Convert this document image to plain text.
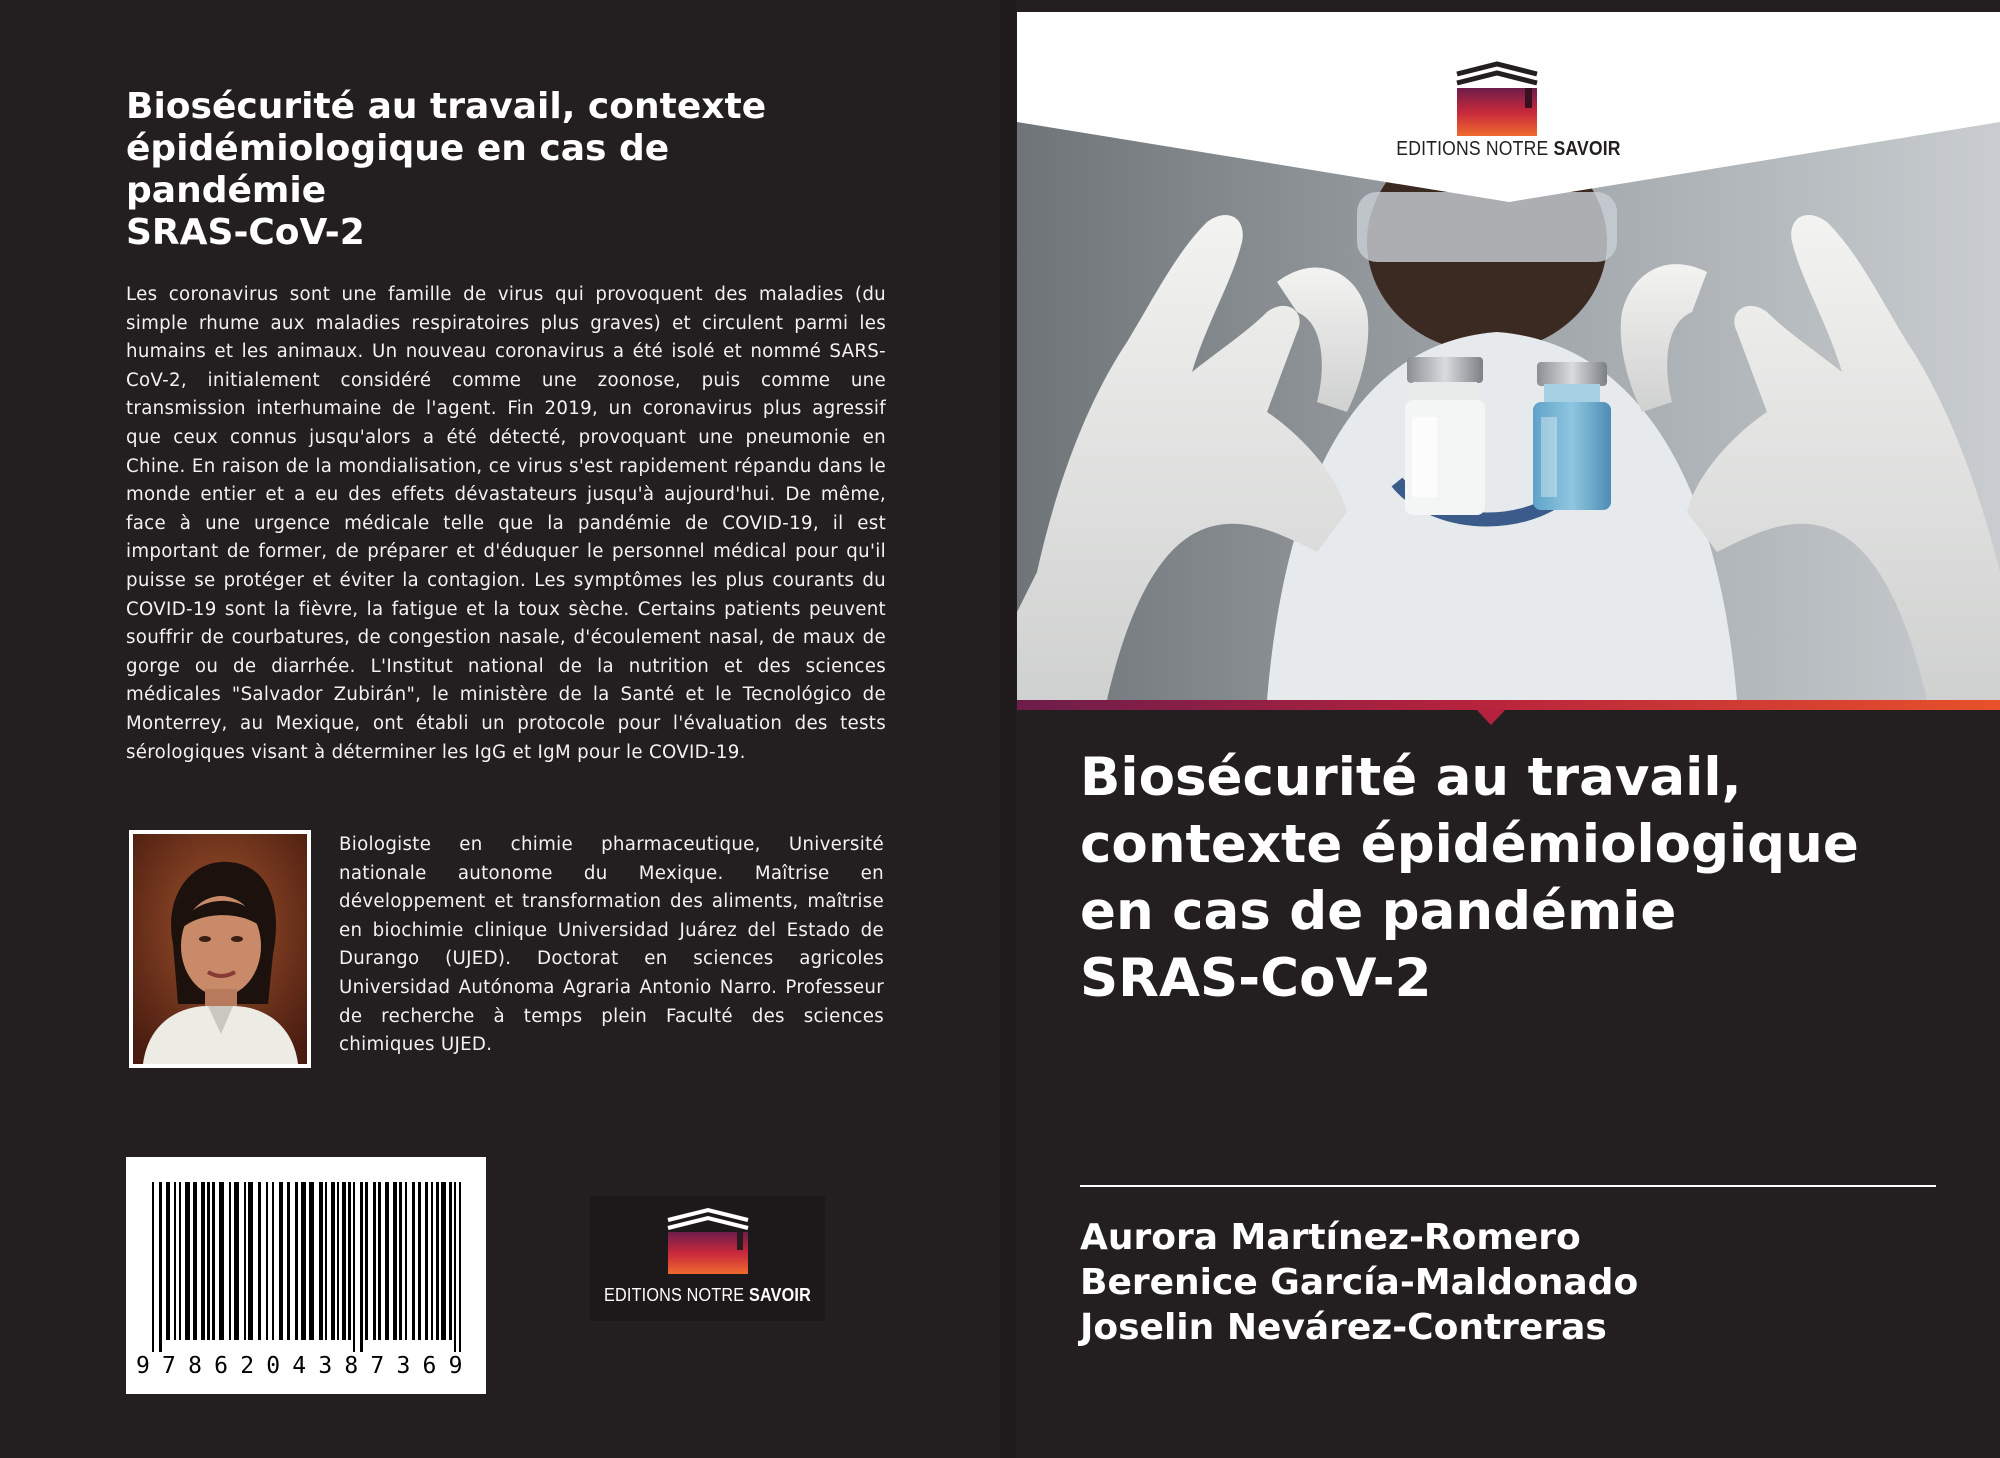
Biosécurité au travail, contexte
épidémiologique en cas de
pandémie
SRAS-CoV-2

Les coronavirus sont une famille de virus qui provoquent des maladies (du simple rhume aux maladies respiratoires plus graves) et circulent parmi les humains et les animaux. Un nouveau coronavirus a été isolé et nommé SARS-CoV-2, initialement considéré comme une zoonose, puis comme une transmission interhumaine de l'agent. Fin 2019, un coronavirus plus agressif que ceux connus jusqu'alors a été détecté, provoquant une pneumonie en Chine. En raison de la mondialisation, ce virus s'est rapidement répandu dans le monde entier et a eu des effets dévastateurs jusqu'à aujourd'hui. De même, face à une urgence médicale telle que la pandémie de COVID-19, il est important de former, de préparer et d'éduquer le personnel médical pour qu'il puisse se protéger et éviter la contagion. Les symptômes les plus courants du COVID-19 sont la fièvre, la fatigue et la toux sèche. Certains patients peuvent souffrir de courbatures, de congestion nasale, d'écoulement nasal, de maux de gorge ou de diarrhée. L'Institut national de la nutrition et des sciences médicales "Salvador Zubirán", le ministère de la Santé et le Tecnológico de Monterrey, au Mexique, ont établi un protocole pour l'évaluation des tests sérologiques visant à déterminer les IgG et IgM pour le COVID-19.

Biologiste en chimie pharmaceutique, Université nationale autonome du Mexique. Maîtrise en développement et transformation des aliments, maîtrise en biochimie clinique Universidad Juárez del Estado de Durango (UJED). Doctorat en sciences agricoles Universidad Autónoma Agraria Antonio Narro. Professeur de recherche à temps plein Faculté des sciences chimiques UJED.

9786204387369
EDITIONS NOTRE SAVOIR
EDITIONS NOTRE SAVOIR
Biosécurité au travail,
contexte épidémiologique
en cas de pandémie
SRAS-CoV-2
Aurora Martínez-Romero
Berenice García-Maldonado
Joselin Nevárez-Contreras
